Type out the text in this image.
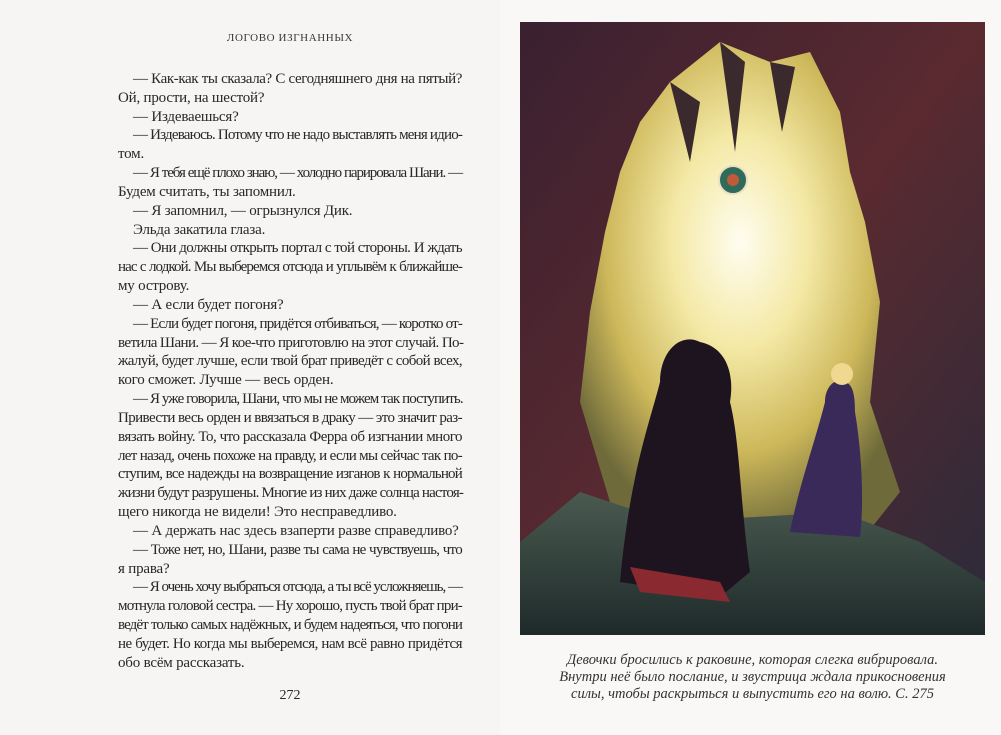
ЛОГОВО ИЗГНАННЫХ
— Как-как ты сказала? С сегодняшнего дня на пятый?
Ой, прости, на шестой?
— Издеваешься?
— Издеваюсь. Потому что не надо выставлять меня идио-
том.
— Я тебя ещё плохо знаю, — холодно парировала Шани. —
Будем считать, ты запомнил.
— Я запомнил, — огрызнулся Дик.
Эльда закатила глаза.
— Они должны открыть портал с той стороны. И ждать
нас с лодкой. Мы выберемся отсюда и уплывём к ближайше-
му острову.
— А если будет погоня?
— Если будет погоня, придётся отбиваться, — коротко от-
ветила Шани. — Я кое-что приготовлю на этот случай. По-
жалуй, будет лучше, если твой брат приведёт с собой всех,
кого сможет. Лучше — весь орден.
— Я уже говорила, Шани, что мы не можем так поступить.
Привести весь орден и ввязаться в драку — это значит раз-
вязать войну. То, что рассказала Ферра об изгнании много
лет назад, очень похоже на правду, и если мы сейчас так по-
ступим, все надежды на возвращение изганов к нормальной
жизни будут разрушены. Многие из них даже солнца настоя-
щего никогда не видели! Это несправедливо.
— А держать нас здесь взаперти разве справедливо?
— Тоже нет, но, Шани, разве ты сама не чувствуешь, что
я права?
— Я очень хочу выбраться отсюда, а ты всё усложняешь, —
мотнула головой сестра. — Ну хорошо, пусть твой брат при-
ведёт только самых надёжных, и будем надеяться, что погони
не будет. Но когда мы выберемся, нам всё равно придётся
обо всём рассказать.
272
Девочки бросились к раковине, которая слегка вибрировала.
Внутри неё было послание, и звустрица ждала прикосновения
силы, чтобы раскрыться и выпустить его на волю. С. 275
